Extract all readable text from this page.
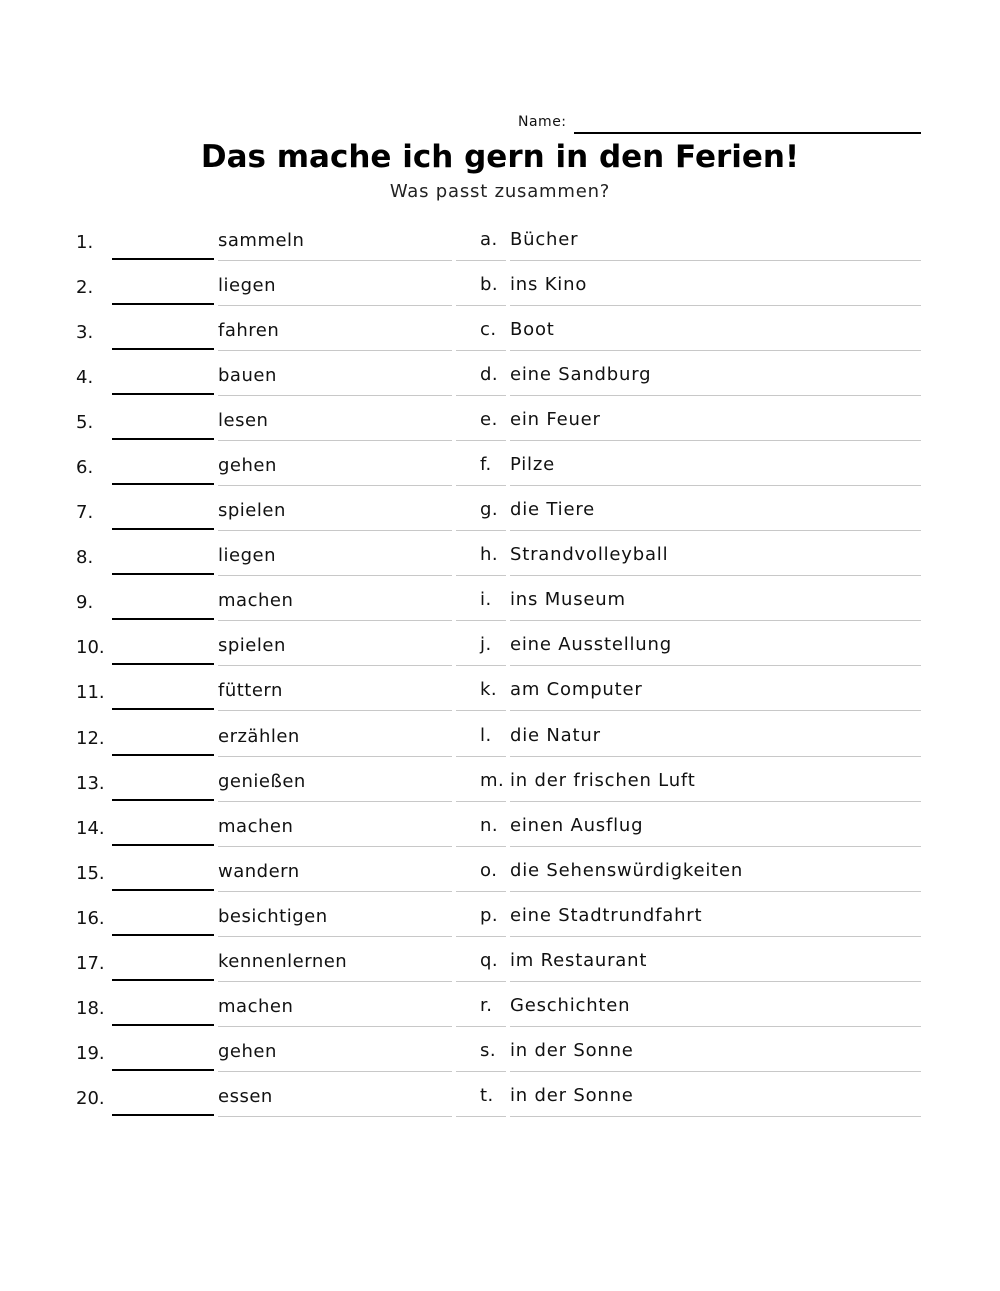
Name:
Das mache ich gern in den Ferien!
Was passt zusammen?
1.	sammeln	a. Bücher
2.	liegen	b. ins Kino
3.	fahren	c. Boot
4.	bauen	d. eine Sandburg
5.	lesen	e. ein Feuer
6.	gehen	f. Pilze
7.	spielen	g. die Tiere
8.	liegen	h. Strandvolleyball
9.	machen	i. ins Museum
10.	spielen	j. eine Ausstellung
11.	füttern	k. am Computer
12.	erzählen	l. die Natur
13.	genießen	m. in der frischen Luft
14.	machen	n. einen Ausflug
15.	wandern	o. die Sehenswürdigkeiten
16.	besichtigen	p. eine Stadtrundfahrt
17.	kennenlernen	q. im Restaurant
18.	machen	r. Geschichten
19.	gehen	s. in der Sonne
20.	essen	t. in der Sonne
